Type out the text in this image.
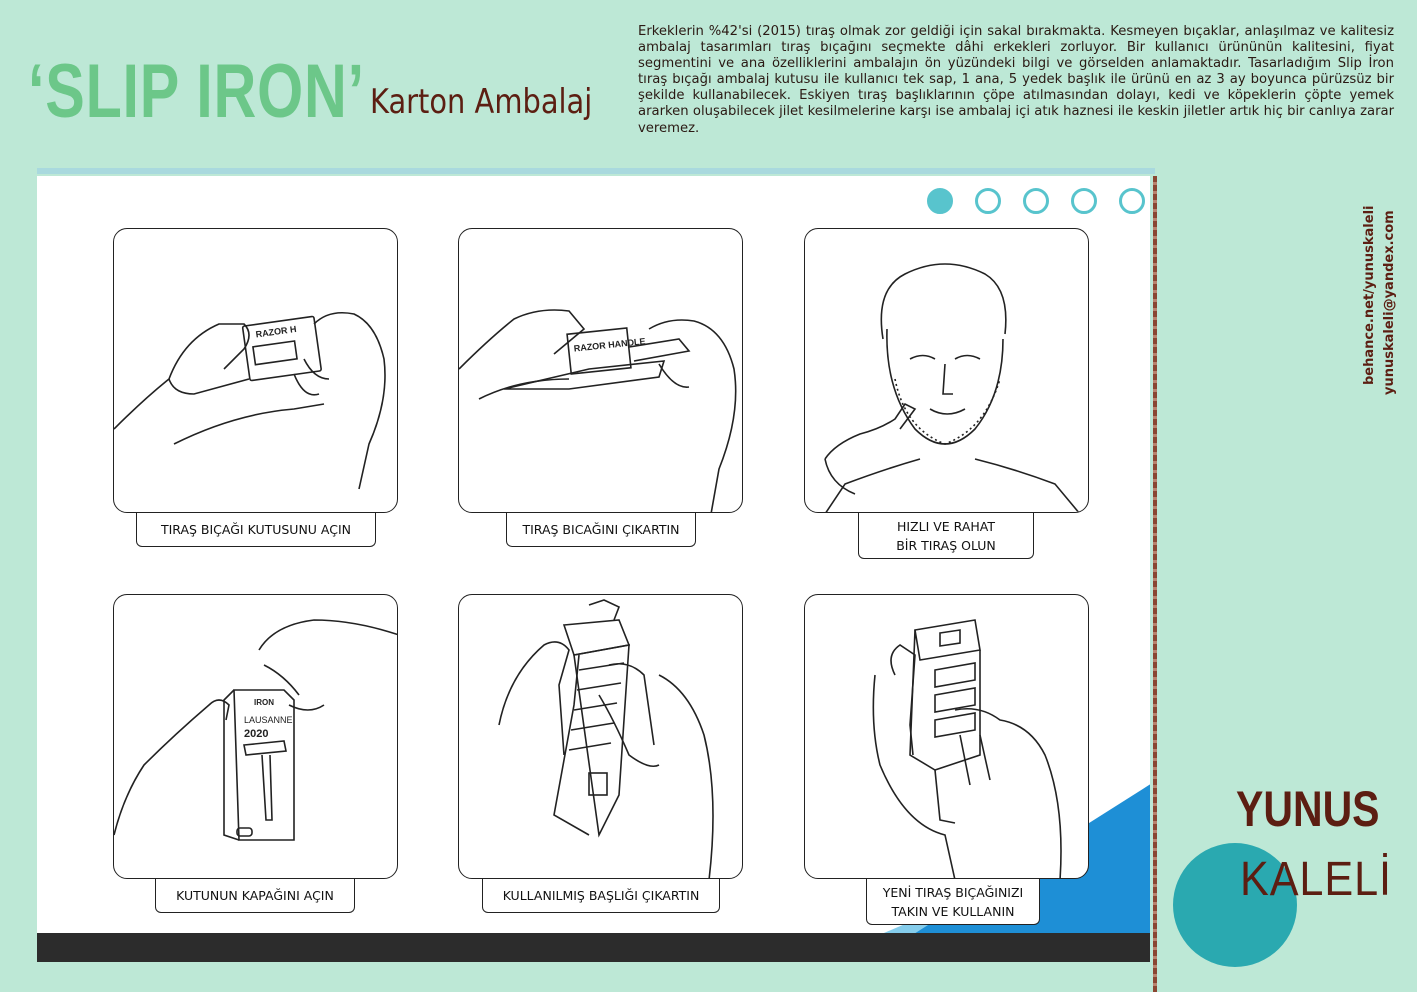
‘SLIP IRON’ Karton Ambalaj

Erkeklerin %42'si (2015) tıraş olmak zor geldiği için sakal bırakmakta. Kesmeyen bıçaklar, anlaşılmaz ve kalitesiz ambalaj tasarımları tıraş bıçağını seçmekte dâhi erkekleri zorluyor. Bir kullanıcı ürününün kalitesini, fiyat segmentini ve ana özelliklerini ambalajın ön yüzündeki bilgi ve görselden anlamaktadır. Tasarladığım Slip İron tıraş bıçağı ambalaj kutusu ile kullanıcı tek sap, 1 ana, 5 yedek başlık ile ürünü en az 3 ay boyunca pürüzsüz bir şekilde kullanabilecek. Eskiyen tıraş başlıklarının çöpe atılmasından dolayı, kedi ve köpeklerin çöpte yemek ararken oluşabilecek jilet kesilmelerine karşı ise ambalaj içi atık haznesi ile keskin jiletler artık hiç bir canlıya zarar veremez.

RAZOR H
TIRAŞ BIÇAĞI KUTUSUNU AÇIN
RAZOR HANDLE
TIRAŞ BICAĞINI ÇIKARTIN	HIZLI VE RAHAT
BİR TIRAŞ OLUN
IRON
LAUSANNE
2020
KUTUNUN KAPAĞINI AÇIN	KULLANILMIŞ BAŞLIĞI ÇIKARTIN	YENİ TIRAŞ BIÇAĞINIZI
TAKIN VE KULLANIN
behance.net/yunuskaleli yunuskaleli@yandex.com
YUNUS
KALELİ
